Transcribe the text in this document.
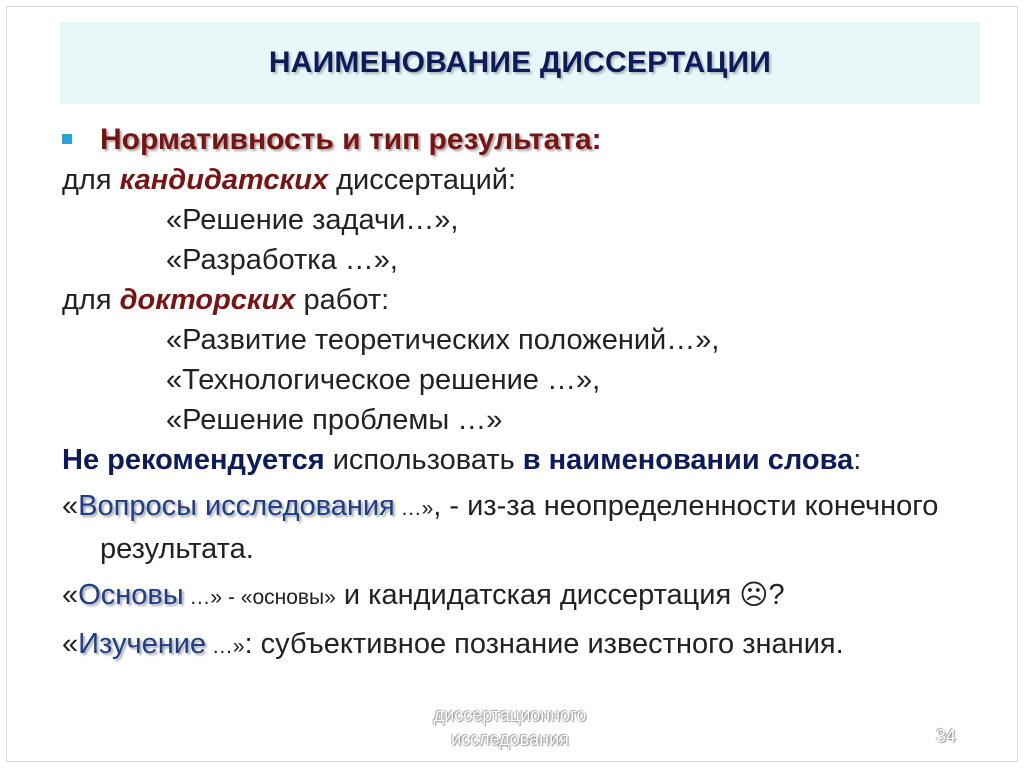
НАИМЕНОВАНИЕ ДИССЕРТАЦИИ
Нормативность и тип результата:
для кандидатских диссертаций:
«Решение задачи…»,
«Разработка …»,
для докторских работ:
«Развитие теоретических положений…»,
«Технологическое решение …»,
«Решение проблемы …»
Не рекомендуется использовать в наименовании слова:
«Вопросы исследования …», - из-за неопределенности конечного результата.
«Основы …» - «основы» и кандидатская диссертация ☹?
«Изучение …»: субъективное познание известного знания.
диссертационного
исследования	34
